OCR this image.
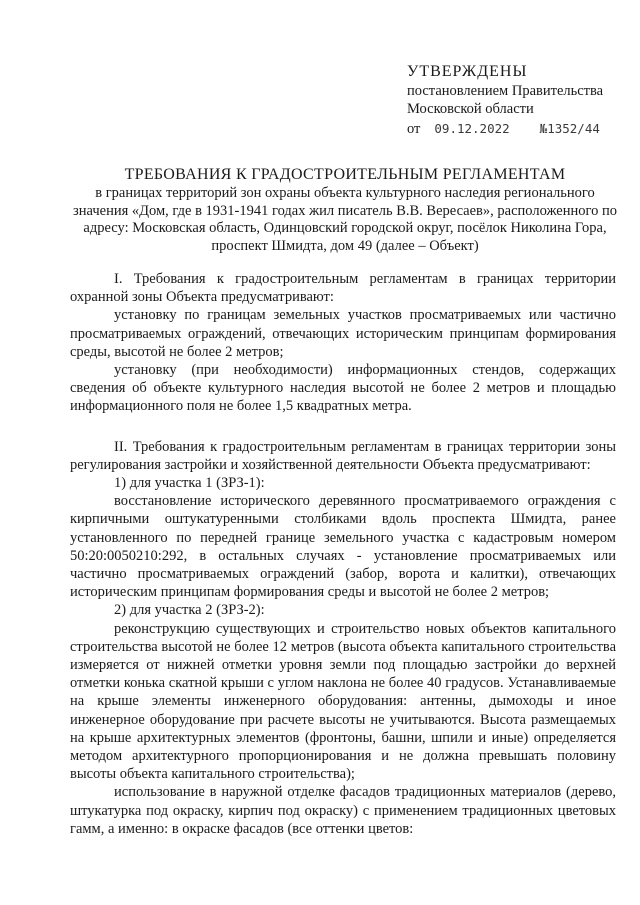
УТВЕРЖДЕНЫ
постановлением Правительства
Московской области
от 09.12.2022 №1352/44
ТРЕБОВАНИЯ К ГРАДОСТРОИТЕЛЬНЫМ РЕГЛАМЕНТАМ
в границах территорий зон охраны объекта культурного наследия регионального значения «Дом, где в 1931-1941 годах жил писатель В.В. Вересаев», расположенного по адресу: Московская область, Одинцовский городской округ, посёлок Николина Гора, проспект Шмидта, дом 49 (далее – Объект)

I. Требования к градостроительным регламентам в границах территории охранной зоны Объекта предусматривают:

установку по границам земельных участков просматриваемых или частично просматриваемых ограждений, отвечающих историческим принципам формирования среды, высотой не более 2 метров;

установку (при необходимости) информационных стендов, содержащих сведения об объекте культурного наследия высотой не более 2 метров и площадью информационного поля не более 1,5 квадратных метра.

II. Требования к градостроительным регламентам в границах территории зоны регулирования застройки и хозяйственной деятельности Объекта предусматривают:

1) для участка 1 (ЗРЗ-1):

восстановление исторического деревянного просматриваемого ограждения с кирпичными оштукатуренными столбиками вдоль проспекта Шмидта, ранее установленного по передней границе земельного участка с кадастровым номером 50:20:0050210:292, в остальных случаях - установление просматриваемых или частично просматриваемых ограждений (забор, ворота и калитки), отвечающих историческим принципам формирования среды и высотой не более 2 метров;

2) для участка 2 (ЗРЗ-2):

реконструкцию существующих и строительство новых объектов капитального строительства высотой не более 12 метров (высота объекта капитального строительства измеряется от нижней отметки уровня земли под площадью застройки до верхней отметки конька скатной крыши с углом наклона не более 40 градусов. Устанавливаемые на крыше элементы инженерного оборудования: антенны, дымоходы и иное инженерное оборудование при расчете высоты не учитываются. Высота размещаемых на крыше архитектурных элементов (фронтоны, башни, шпили и иные) определяется методом архитектурного пропорционирования и не должна превышать половину высоты объекта капитального строительства);

использование в наружной отделке фасадов традиционных материалов (дерево, штукатурка под окраску, кирпич под окраску) с применением традиционных цветовых гамм, а именно: в окраске фасадов (все оттенки цветов:
